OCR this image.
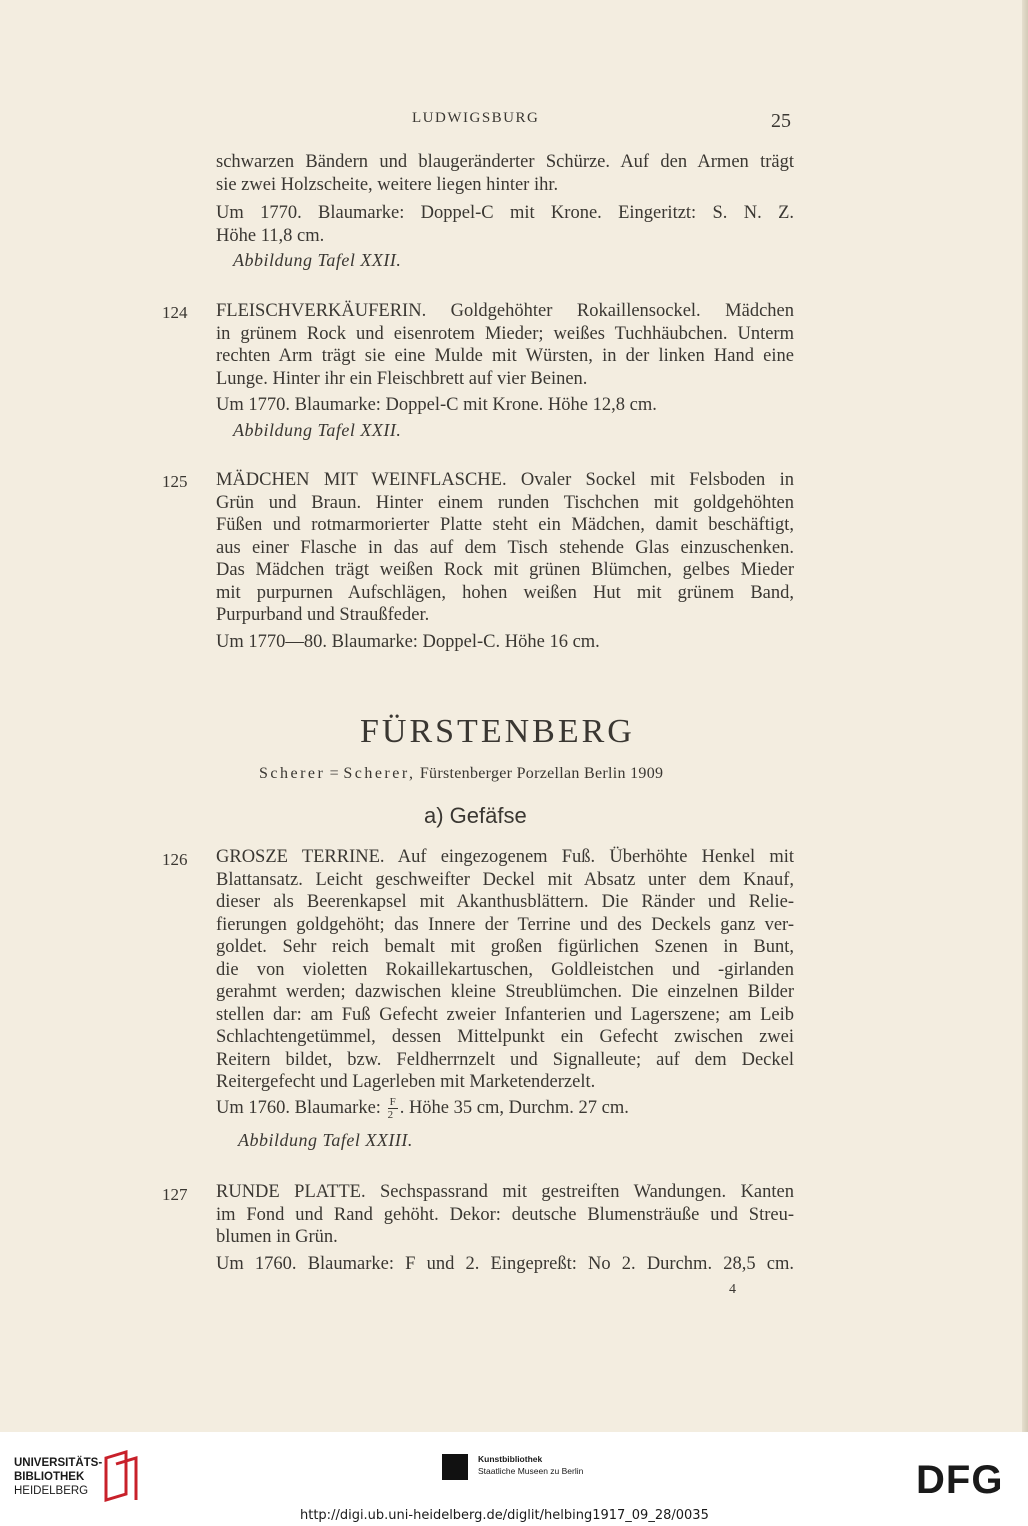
LUDWIGSBURG	25
schwarzen Bändern und blaugeränderter Schürze. Auf den Armen trägt
sie zwei Holzscheite, weitere liegen hinter ihr.
Um 1770. Blaumarke: Doppel-C mit Krone. Eingeritzt: S. N. Z.
Höhe 11,8 cm.
Abbildung Tafel XXII.
124 FLEISCHVERKÄUFERIN. Goldgehöhter Rokaillensockel. Mädchen
in grünem Rock und eisenrotem Mieder; weißes Tuchhäubchen. Unterm
rechten Arm trägt sie eine Mulde mit Würsten, in der linken Hand eine
Lunge. Hinter ihr ein Fleischbrett auf vier Beinen.
Um 1770. Blaumarke: Doppel-C mit Krone. Höhe 12,8 cm.
Abbildung Tafel XXII.
125 MÄDCHEN MIT WEINFLASCHE. Ovaler Sockel mit Felsboden in
Grün und Braun. Hinter einem runden Tischchen mit goldgehöhten
Füßen und rotmarmorierter Platte steht ein Mädchen, damit beschäftigt,
aus einer Flasche in das auf dem Tisch stehende Glas einzuschenken.
Das Mädchen trägt weißen Rock mit grünen Blümchen, gelbes Mieder
mit purpurnen Aufschlägen, hohen weißen Hut mit grünem Band,
Purpurband und Straußfeder.
Um 1770—80. Blaumarke: Doppel-C. Höhe 16 cm.
FÜRSTENBERG
Scherer = Scherer, Fürstenberger Porzellan Berlin 1909
a) Gefäfse
126 GROSZE TERRINE. Auf eingezogenem Fuß. Überhöhte Henkel mit
Blattansatz. Leicht geschweifter Deckel mit Absatz unter dem Knauf,
dieser als Beerenkapsel mit Akanthusblättern. Die Ränder und Relie-
fierungen goldgehöht; das Innere der Terrine und des Deckels ganz ver-
goldet. Sehr reich bemalt mit großen figürlichen Szenen in Bunt,
die von violetten Rokaillekartuschen, Goldleistchen und -girlanden
gerahmt werden; dazwischen kleine Streublümchen. Die einzelnen Bilder
stellen dar: am Fuß Gefecht zweier Infanterien und Lagerszene; am Leib
Schlachtengetümmel, dessen Mittelpunkt ein Gefecht zwischen zwei
Reitern bildet, bzw. Feldherrnzelt und Signalleute; auf dem Deckel
Reitergefecht und Lagerleben mit Marketenderzelt.
Um 1760. Blaumarke: $\frac{F}{2}$ . Höhe 35 cm, Durchm. 27 cm.
Abbildung Tafel XXIII.
127 RUNDE PLATTE. Sechspassrand mit gestreiften Wandungen. Kanten
im Fond und Rand gehöht. Dekor: deutsche Blumensträuße und Streu-
blumen in Grün.
Um 1760. Blaumarke: F und 2. Eingepreßt: No 2. Durchm. 28,5 cm.
4
UNIVERSITÄTS-
BIBLIOTHEK
HEIDELBERG
Kunstbibliothek
Staatliche Museen zu Berlin	DFG
http://digi.ub.uni-heidelberg.de/diglit/helbing1917_09_28/0035
